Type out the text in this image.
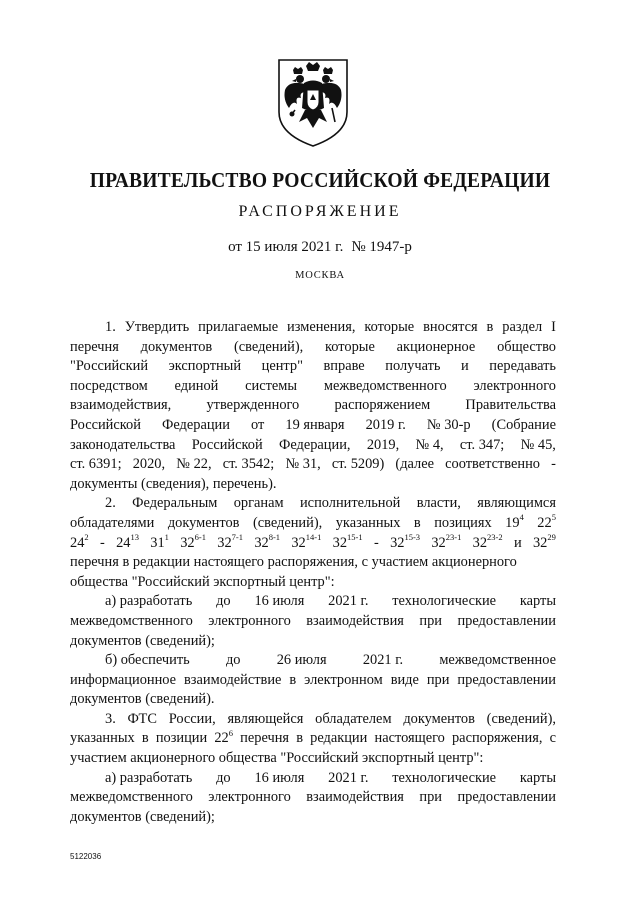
ПРАВИТЕЛЬСТВО РОССИЙСКОЙ ФЕДЕРАЦИИ
РАСПОРЯЖЕНИЕ
от 15 июля 2021 г. № 1947-р
МОСКВА
1. Утвердить прилагаемые изменения, которые вносятся в раздел I
перечня документов (сведений), которые акционерное общество
"Российский экспортный центр" вправе получать и передавать
посредством единой системы межведомственного электронного
взаимодействия, утвержденного распоряжением Правительства
Российской Федерации от 19 января 2019 г. № 30-р (Собрание
законодательства Российской Федерации, 2019, № 4, ст. 347; № 45,
ст. 6391; 2020, № 22, ст. 3542; № 31, ст. 5209) (далее соответственно -
документы (сведения), перечень).
2. Федеральным органам исполнительной власти, являющимся
обладателями документов (сведений), указанных в позициях $19^4$ $22^5$
$24^2 - 24^{13}$ $31^1$ 32$^{6-1}$ 32$^{7-1}$ 32$^{8-1}$ 32$^{14-1}$ 32$^{15-1}$ - 32$^{15-3}$ 32$^{23-1}$ 32$^{23-2}$ и $32^{29}$
перечня в редакции настоящего распоряжения, с участием акционерного
общества "Российский экспортный центр":
а) разработать до 16 июля 2021 г. технологические карты
межведомственного электронного взаимодействия при предоставлении
документов (сведений);
б) обеспечить	до	26 июля	2021 г.	межведомственное
информационное взаимодействие в электронном виде при предоставлении
документов (сведений).
3. ФТС России, являющейся обладателем документов (сведений),
указанных в позиции $22^6$ перечня в редакции настоящего распоряжения, с
участием акционерного общества "Российский экспортный центр":
а) разработать до 16 июля 2021 г. технологические карты
межведомственного электронного взаимодействия при предоставлении
документов (сведений);
5122036
